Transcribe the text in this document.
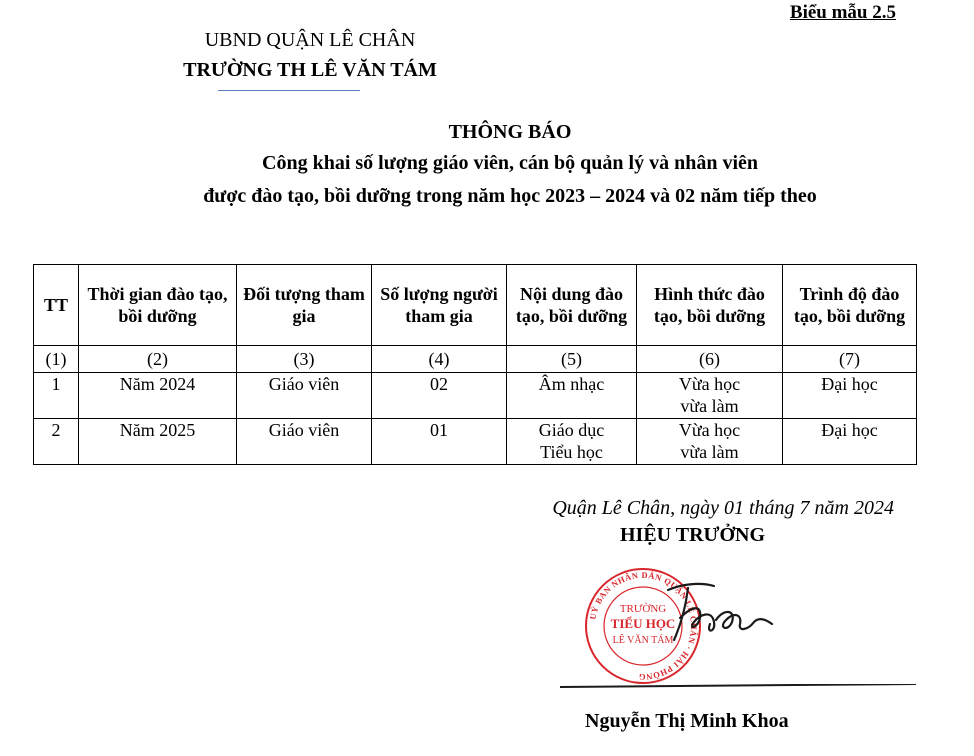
Biểu mẫu 2.5
UBND QUẬN LÊ CHÂN
TRƯỜNG TH LÊ VĂN TÁM
THÔNG BÁO
Công khai số lượng giáo viên, cán bộ quản lý và nhân viên
được đào tạo, bồi dưỡng trong năm học 2023 – 2024 và 02 năm tiếp theo
TT	Thời gian đào tạo, bồi dưỡng	Đối tượng tham gia	Số lượng người tham gia	Nội dung đào tạo, bồi dưỡng	Hình thức đào tạo, bồi dưỡng	Trình độ đào tạo, bồi dưỡng
(1)	(2)	(3)	(4)	(5)	(6)	(7)
1	Năm 2024	Giáo viên	02	Âm nhạc	Vừa học vừa làm	Đại học
2	Năm 2025	Giáo viên	01	Giáo dục Tiểu học	Vừa học vừa làm	Đại học
Quận Lê Chân, ngày 01 tháng 7 năm 2024
HIỆU TRƯỞNG
UỶ BAN NHÂN DÂN QUẬN LÊ CHÂN · HẢI PHÒNG
TRƯỜNG
TIỂU HỌC
LÊ VĂN TÁM
Nguyễn Thị Minh Khoa
